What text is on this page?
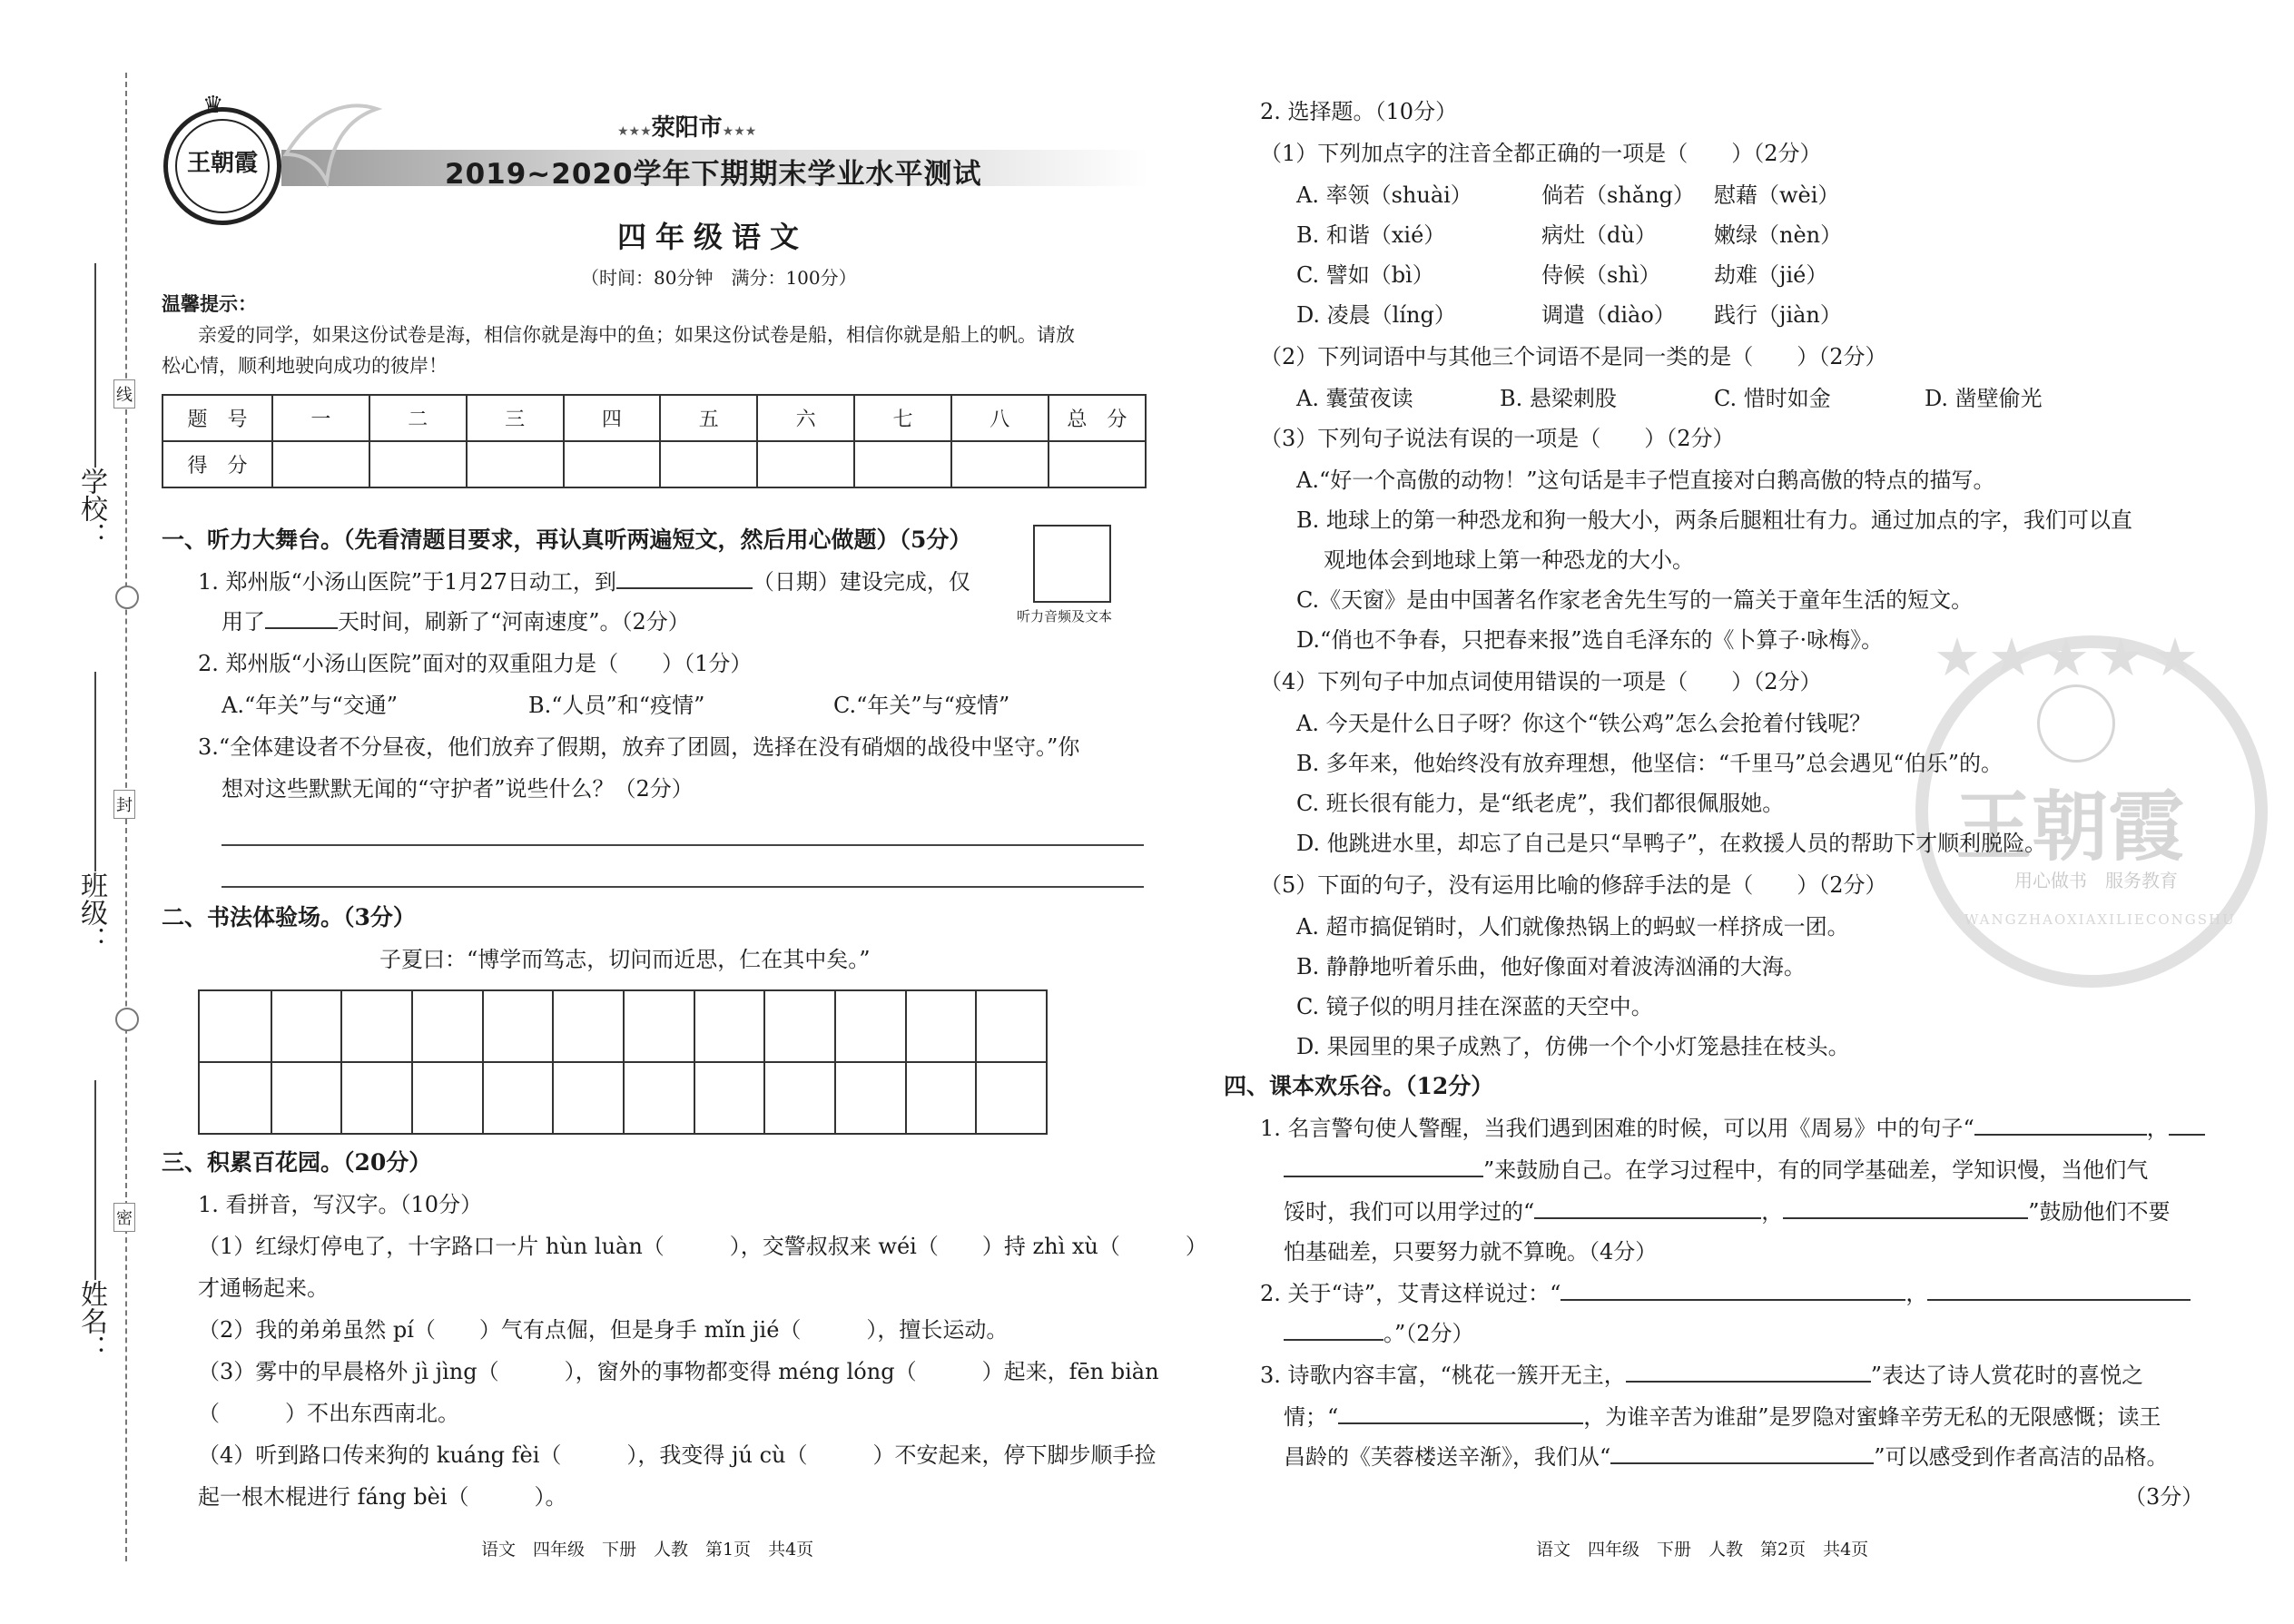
线
封
密
学校：
班级：
姓名：
王朝霞
♛
★★★荥阳市★★★
2019~2020学年下期期末学业水平测试
四年级语文
（时间：80分钟　满分：100分）
温馨提示：
亲爱的同学，如果这份试卷是海，相信你就是海中的鱼；如果这份试卷是船，相信你就是船上的帆。请放
松心情，顺利地驶向成功的彼岸！
题　号	一	二	三	四	五	六	七	八	总　分
得　分									
一、听力大舞台。（先看清题目要求，再认真听两遍短文，然后用心做题）（5分）
听力音频及文本
1. 郑州版“小汤山医院”于1月27日动工，到	（日期）建设完成，仅
用了	天时间，刷新了“河南速度”。（2分）
2. 郑州版“小汤山医院”面对的双重阻力是（　　）（1分）
A.“年关”与“交通”	B.“人员”和“疫情”	C.“年关”与“疫情”
3.“全体建设者不分昼夜，他们放弃了假期，放弃了团圆，选择在没有硝烟的战役中坚守。”你
想对这些默默无闻的“守护者”说些什么？（2分）
二、书法体验场。（3分）
子夏曰：“博学而笃志，切问而近思，仁在其中矣。”
三、积累百花园。（20分）
1. 看拼音，写汉字。（10分）
（1）红绿灯停电了，十字路口一片 hùn luàn（　　　），交警叔叔来 wéi（　　）持 zhì xù（　　　）
才通畅起来。
（2）我的弟弟虽然 pí（　　）气有点倔，但是身手 mǐn jié（　　　），擅长运动。
（3）雾中的早晨格外 jì jìng（　　　），窗外的事物都变得 méng lóng（　　　）起来，fēn biàn
（　　　）不出东西南北。
（4）听到路口传来狗的 kuáng fèi（　　　），我变得 jú cù（　　　）不安起来，停下脚步顺手捡
起一根木棍进行 fáng bèi（　　　）。
语文　四年级　下册　人教　第1页　共4页
王朝霞
用心做书　服务教育
WANGZHAOXIAXILIECONGSHU
★★★★★
2. 选择题。（10分）
（1）下列加点字的注音全都正确的一项是（　　）（2分）
A. 率领（shuài）	倘若（shǎng） 慰藉（wèi）
B. 和谐（xié）	病灶（dù）	嫩绿（nèn）
C. 譬如（bì）	侍候（shì） 劫难（jié）
D. 凌晨（líng）	调遣（diào） 践行（jiàn）
（2）下列词语中与其他三个词语不是同一类的是（　　）（2分）
A. 囊萤夜读	B. 悬梁刺股	C. 惜时如金	D. 凿壁偷光
（3）下列句子说法有误的一项是（　　）（2分）
A.“好一个高傲的动物！”这句话是丰子恺直接对白鹅高傲的特点的描写。
B. 地球上的第一种恐龙和狗一般大小，两条后腿粗壮有力。通过加点的字，我们可以直
观地体会到地球上第一种恐龙的大小。
C.《天窗》是由中国著名作家老舍先生写的一篇关于童年生活的短文。
D.“俏也不争春，只把春来报”选自毛泽东的《卜算子·咏梅》。
（4）下列句子中加点词使用错误的一项是（　　）（2分）
A. 今天是什么日子呀？你这个“铁公鸡”怎么会抢着付钱呢？
B. 多年来，他始终没有放弃理想，他坚信：“千里马”总会遇见“伯乐”的。
C. 班长很有能力，是“纸老虎”，我们都很佩服她。
D. 他跳进水里，却忘了自己是只“旱鸭子”，在救援人员的帮助下才顺利脱险。
（5）下面的句子，没有运用比喻的修辞手法的是（　　）（2分）
A. 超市搞促销时，人们就像热锅上的蚂蚁一样挤成一团。
B. 静静地听着乐曲，他好像面对着波涛汹涌的大海。
C. 镜子似的明月挂在深蓝的天空中。
D. 果园里的果子成熟了，仿佛一个个小灯笼悬挂在枝头。
四、课本欢乐谷。（12分）
1. 名言警句使人警醒，当我们遇到困难的时候，可以用《周易》中的句子“	，
”来鼓励自己。在学习过程中，有的同学基础差，学知识慢，当他们气
馁时，我们可以用学过的“	，	”鼓励他们不要
怕基础差，只要努力就不算晚。（4分）
2. 关于“诗”，艾青这样说过：“	，
。”（2分）
3. 诗歌内容丰富，“桃花一簇开无主，	”表达了诗人赏花时的喜悦之
情；“	，为谁辛苦为谁甜”是罗隐对蜜蜂辛劳无私的无限感慨；读王
昌龄的《芙蓉楼送辛渐》，我们从“	”可以感受到作者高洁的品格。
（3分）
语文　四年级　下册　人教　第2页　共4页
